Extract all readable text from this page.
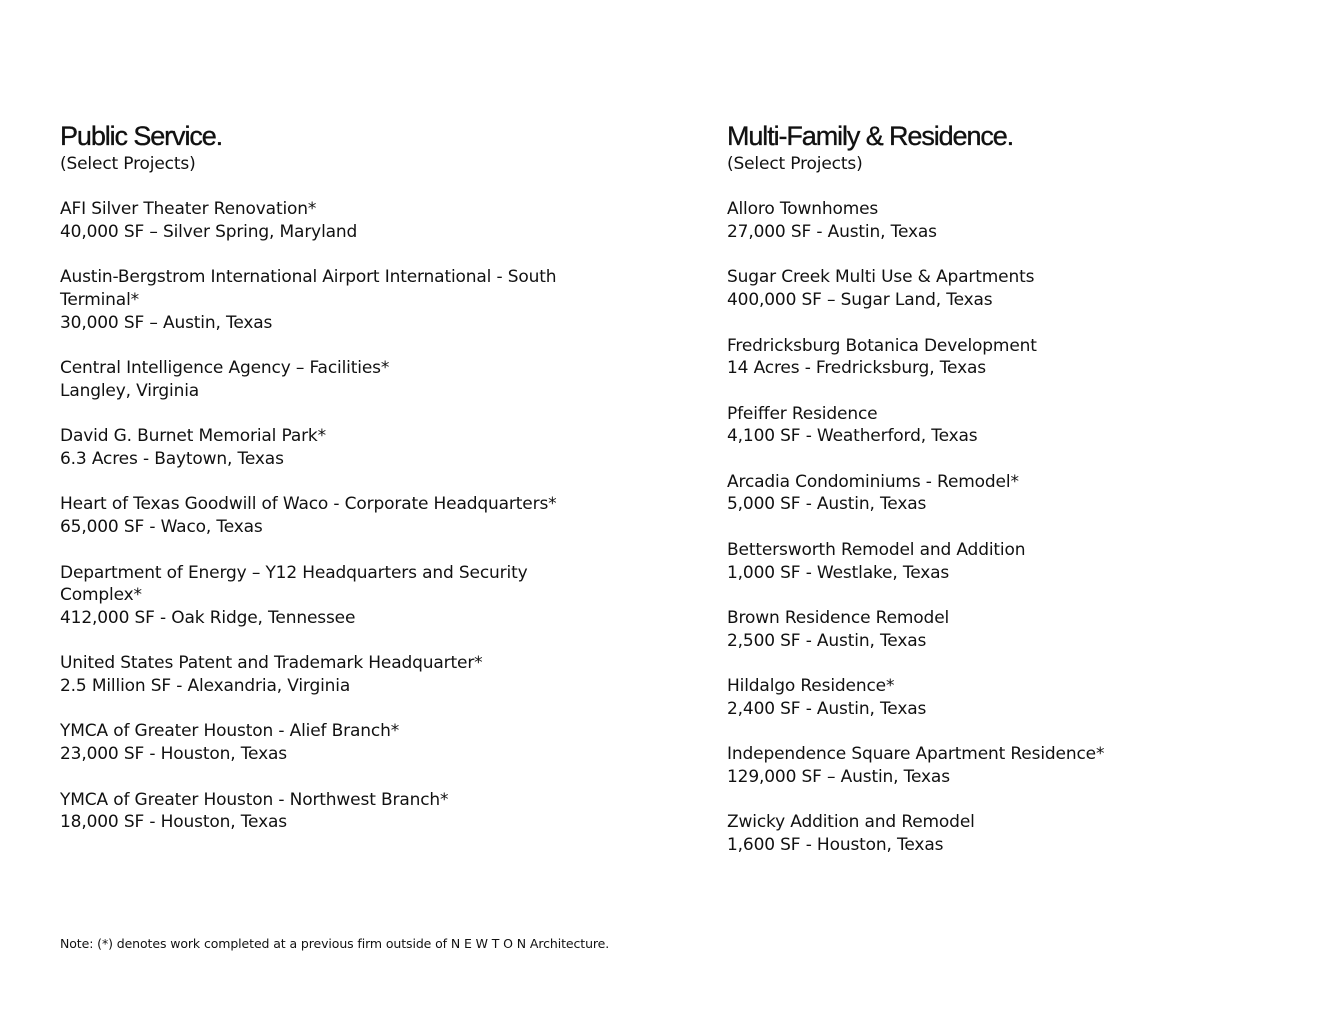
Public Service.

(Select Projects)

AFI Silver Theater Renovation*
40,000 SF – Silver Spring, Maryland
Austin-Bergstrom International Airport International - South Terminal*
30,000 SF – Austin, Texas
Central Intelligence Agency – Facilities*
Langley, Virginia
David G. Burnet Memorial Park*
6.3 Acres - Baytown, Texas
Heart of Texas Goodwill of Waco - Corporate Headquarters*
65,000 SF - Waco, Texas
Department of Energy – Y12 Headquarters and Security Complex*
412,000 SF - Oak Ridge, Tennessee
United States Patent and Trademark Headquarter*
2.5 Million SF - Alexandria, Virginia
YMCA of Greater Houston - Alief Branch*
23,000 SF - Houston, Texas
YMCA of Greater Houston - Northwest Branch*
18,000 SF - Houston, Texas
Multi-Family & Residence.

(Select Projects)

Alloro Townhomes
27,000 SF - Austin, Texas
Sugar Creek Multi Use & Apartments
400,000 SF – Sugar Land, Texas
Fredricksburg Botanica Development
14 Acres - Fredricksburg, Texas
Pfeiffer Residence
4,100 SF - Weatherford, Texas
Arcadia Condominiums - Remodel*
5,000 SF - Austin, Texas
Bettersworth Remodel and Addition
1,000 SF - Westlake, Texas
Brown Residence Remodel
2,500 SF - Austin, Texas
Hildalgo Residence*
2,400 SF - Austin, Texas
Independence Square Apartment Residence*
129,000 SF – Austin, Texas
Zwicky Addition and Remodel
1,600 SF - Houston, Texas
Note: (*) denotes work completed at a previous firm outside of N E W T O N Architecture.
